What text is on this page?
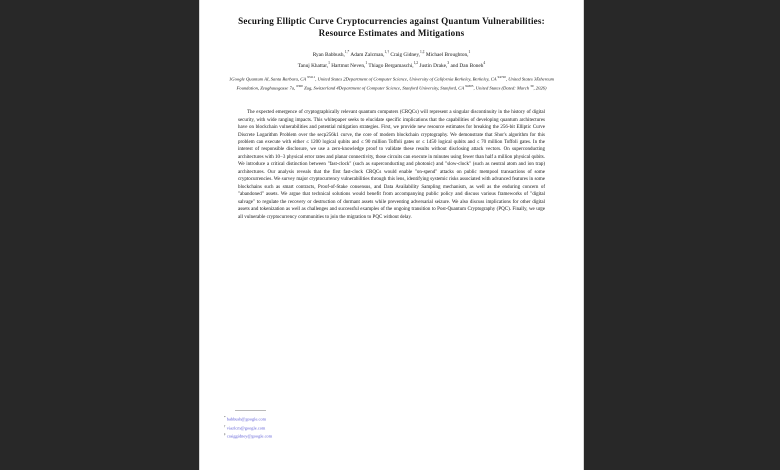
Securing Elliptic Curve Cryptocurrencies against Quantum Vulnerabilities:
Resource Estimates and Mitigations
Ryan Babbush,$^{1,*}$ Adam Zalcman,$^{1,\dagger}$ Craig Gidney,$^{1,\ddagger}$ Michael Broughton,$^1$
Tanuj Khattar,$^1$ Hartmut Neven,$^1$ Thiago Bergamaschi,$^{1,2}$ Justin Drake,$^3$ and Dan Boneh$^4$
1Google Quantum AI, Santa Barbara, CA $^{93111}$, United States 2Department of Computer Science, University of California Berkeley, Berkeley, CA $^{94720}$, United States 3Ethereum Foundation, Zeughausgasse 7a, $^{6300}$ Zug, Switzerland 4Department of Computer Science, Stanford University, Stanford, CA $^{94305}$, United States (Dated: March $^{30}$, 2026)
The expected emergence of cryptographically relevant quantum computers (CRQCs) will represent a singular discontinuity in the history of digital security, with wide ranging impacts. This whitepaper seeks to elucidate specific implications that the capabilities of developing quantum architectures have on blockchain vulnerabilities and potential mitigation strategies. First, we provide new resource estimates for breaking the 256-bit Elliptic Curve Discrete Logarithm Problem over the secp256k1 curve, the core of modern blockchain cryptography. We demonstrate that Shor's algorithm for this problem can execute with either ≤ 1200 logical qubits and ≤ 90 million Toffoli gates or ≤ 1450 logical qubits and ≤ 70 million Toffoli gates. In the interest of responsible disclosure, we use a zero-knowledge proof to validate these results without disclosing attack vectors. On superconducting architectures with 10−3 physical error rates and planar connectivity, those circuits can execute in minutes using fewer than half a million physical qubits. We introduce a critical distinction between "fast-clock" (such as superconducting and photonic) and "slow-clock" (such as neutral atom and ion trap) architectures. Our analysis reveals that the first fast-clock CRQCs would enable "on-spend" attacks on public mempool transactions of some cryptocurrencies. We survey major cryptocurrency vulnerabilities through this lens, identifying systemic risks associated with advanced features in some blockchains such as smart contracts, Proof-of-Stake consensus, and Data Availability Sampling mechanism, as well as the enduring concern of "abandoned" assets. We argue that technical solutions would benefit from accompanying public policy and discuss various frameworks of "digital salvage" to regulate the recovery or destruction of dormant assets while preventing adversarial seizure. We also discuss implications for other digital assets and tokenization as well as challenges and successful examples of the ongoing transition to Post-Quantum Cryptography (PQC). Finally, we urge all vulnerable cryptocurrency communities to join the migration to PQC without delay.
* babbush@google.com
† viazlcm@google.com
‡ craiggidney@google.com
